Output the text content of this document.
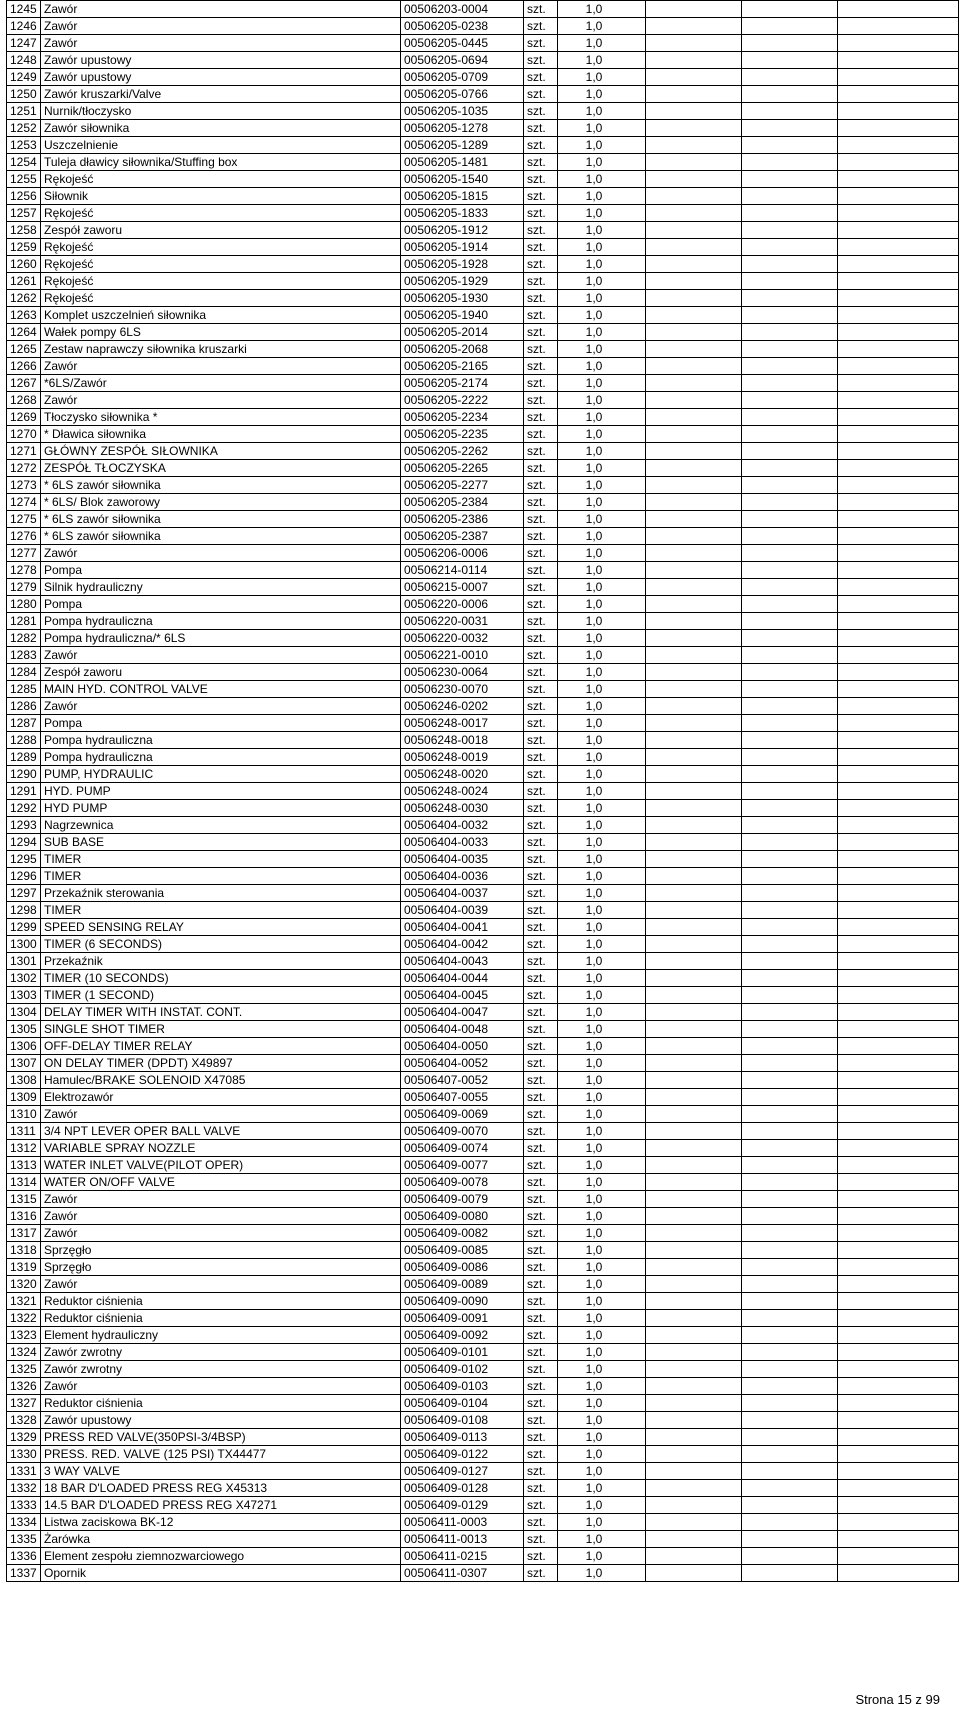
1245	Zawór	00506203-0004	szt.	1,0			
1246	Zawór	00506205-0238	szt.	1,0			
1247	Zawór	00506205-0445	szt.	1,0			
1248	Zawór upustowy	00506205-0694	szt.	1,0			
1249	Zawór upustowy	00506205-0709	szt.	1,0			
1250	Zawór kruszarki/Valve	00506205-0766	szt.	1,0			
1251	Nurnik/tłoczysko	00506205-1035	szt.	1,0			
1252	Zawór siłownika	00506205-1278	szt.	1,0			
1253	Uszczelnienie	00506205-1289	szt.	1,0			
1254	Tuleja dławicy siłownika/Stuffing box	00506205-1481	szt.	1,0			
1255	Rękojeść	00506205-1540	szt.	1,0			
1256	Siłownik	00506205-1815	szt.	1,0			
1257	Rękojeść	00506205-1833	szt.	1,0			
1258	Zespół zaworu	00506205-1912	szt.	1,0			
1259	Rękojeść	00506205-1914	szt.	1,0			
1260	Rękojeść	00506205-1928	szt.	1,0			
1261	Rękojeść	00506205-1929	szt.	1,0			
1262	Rękojeść	00506205-1930	szt.	1,0			
1263	Komplet uszczelnień siłownika	00506205-1940	szt.	1,0			
1264	Wałek pompy 6LS	00506205-2014	szt.	1,0			
1265	Zestaw naprawczy siłownika kruszarki	00506205-2068	szt.	1,0			
1266	Zawór	00506205-2165	szt.	1,0			
1267	*6LS/Zawór	00506205-2174	szt.	1,0			
1268	Zawór	00506205-2222	szt.	1,0			
1269	Tłoczysko siłownika *	00506205-2234	szt.	1,0			
1270	* Dławica siłownika	00506205-2235	szt.	1,0			
1271	GŁÓWNY ZESPÓŁ SIŁOWNIKA	00506205-2262	szt.	1,0			
1272	ZESPÓŁ TŁOCZYSKA	00506205-2265	szt.	1,0			
1273	* 6LS zawór siłownika	00506205-2277	szt.	1,0			
1274	* 6LS/ Blok zaworowy	00506205-2384	szt.	1,0			
1275	* 6LS zawór siłownika	00506205-2386	szt.	1,0			
1276	* 6LS zawór siłownika	00506205-2387	szt.	1,0			
1277	Zawór	00506206-0006	szt.	1,0			
1278	Pompa	00506214-0114	szt.	1,0			
1279	Silnik hydrauliczny	00506215-0007	szt.	1,0			
1280	Pompa	00506220-0006	szt.	1,0			
1281	Pompa hydrauliczna	00506220-0031	szt.	1,0			
1282	Pompa hydrauliczna/* 6LS	00506220-0032	szt.	1,0			
1283	Zawór	00506221-0010	szt.	1,0			
1284	Zespół zaworu	00506230-0064	szt.	1,0			
1285	MAIN HYD. CONTROL VALVE	00506230-0070	szt.	1,0			
1286	Zawór	00506246-0202	szt.	1,0			
1287	Pompa	00506248-0017	szt.	1,0			
1288	Pompa hydrauliczna	00506248-0018	szt.	1,0			
1289	Pompa hydrauliczna	00506248-0019	szt.	1,0			
1290	PUMP, HYDRAULIC	00506248-0020	szt.	1,0			
1291	HYD. PUMP	00506248-0024	szt.	1,0			
1292	HYD PUMP	00506248-0030	szt.	1,0			
1293	Nagrzewnica	00506404-0032	szt.	1,0			
1294	SUB BASE	00506404-0033	szt.	1,0			
1295	TIMER	00506404-0035	szt.	1,0			
1296	TIMER	00506404-0036	szt.	1,0			
1297	Przekaźnik sterowania	00506404-0037	szt.	1,0			
1298	TIMER	00506404-0039	szt.	1,0			
1299	SPEED SENSING RELAY	00506404-0041	szt.	1,0			
1300	TIMER (6 SECONDS)	00506404-0042	szt.	1,0			
1301	Przekaźnik	00506404-0043	szt.	1,0			
1302	TIMER (10 SECONDS)	00506404-0044	szt.	1,0			
1303	TIMER (1 SECOND)	00506404-0045	szt.	1,0			
1304	DELAY TIMER WITH INSTAT. CONT.	00506404-0047	szt.	1,0			
1305	SINGLE SHOT TIMER	00506404-0048	szt.	1,0			
1306	OFF-DELAY TIMER RELAY	00506404-0050	szt.	1,0			
1307	ON DELAY TIMER (DPDT) X49897	00506404-0052	szt.	1,0			
1308	Hamulec/BRAKE SOLENOID X47085	00506407-0052	szt.	1,0			
1309	Elektrozawór	00506407-0055	szt.	1,0			
1310	Zawór	00506409-0069	szt.	1,0			
1311	3/4 NPT LEVER OPER BALL VALVE	00506409-0070	szt.	1,0			
1312	VARIABLE SPRAY NOZZLE	00506409-0074	szt.	1,0			
1313	WATER INLET VALVE(PILOT OPER)	00506409-0077	szt.	1,0			
1314	WATER ON/OFF VALVE	00506409-0078	szt.	1,0			
1315	Zawór	00506409-0079	szt.	1,0			
1316	Zawór	00506409-0080	szt.	1,0			
1317	Zawór	00506409-0082	szt.	1,0			
1318	Sprzęgło	00506409-0085	szt.	1,0			
1319	Sprzęgło	00506409-0086	szt.	1,0			
1320	Zawór	00506409-0089	szt.	1,0			
1321	Reduktor ciśnienia	00506409-0090	szt.	1,0			
1322	Reduktor ciśnienia	00506409-0091	szt.	1,0			
1323	Element hydrauliczny	00506409-0092	szt.	1,0			
1324	Zawór zwrotny	00506409-0101	szt.	1,0			
1325	Zawór zwrotny	00506409-0102	szt.	1,0			
1326	Zawór	00506409-0103	szt.	1,0			
1327	Reduktor ciśnienia	00506409-0104	szt.	1,0			
1328	Zawór upustowy	00506409-0108	szt.	1,0			
1329	PRESS RED VALVE(350PSI-3/4BSP)	00506409-0113	szt.	1,0			
1330	PRESS. RED. VALVE (125 PSI) TX44477	00506409-0122	szt.	1,0			
1331	3 WAY VALVE	00506409-0127	szt.	1,0			
1332	18 BAR D'LOADED PRESS REG X45313	00506409-0128	szt.	1,0			
1333	14.5 BAR D'LOADED PRESS REG X47271	00506409-0129	szt.	1,0			
1334	Listwa zaciskowa BK-12	00506411-0003	szt.	1,0			
1335	Żarówka	00506411-0013	szt.	1,0			
1336	Element zespołu ziemnozwarciowego	00506411-0215	szt.	1,0			
1337	Opornik	00506411-0307	szt.	1,0			
Strona 15 z 99
